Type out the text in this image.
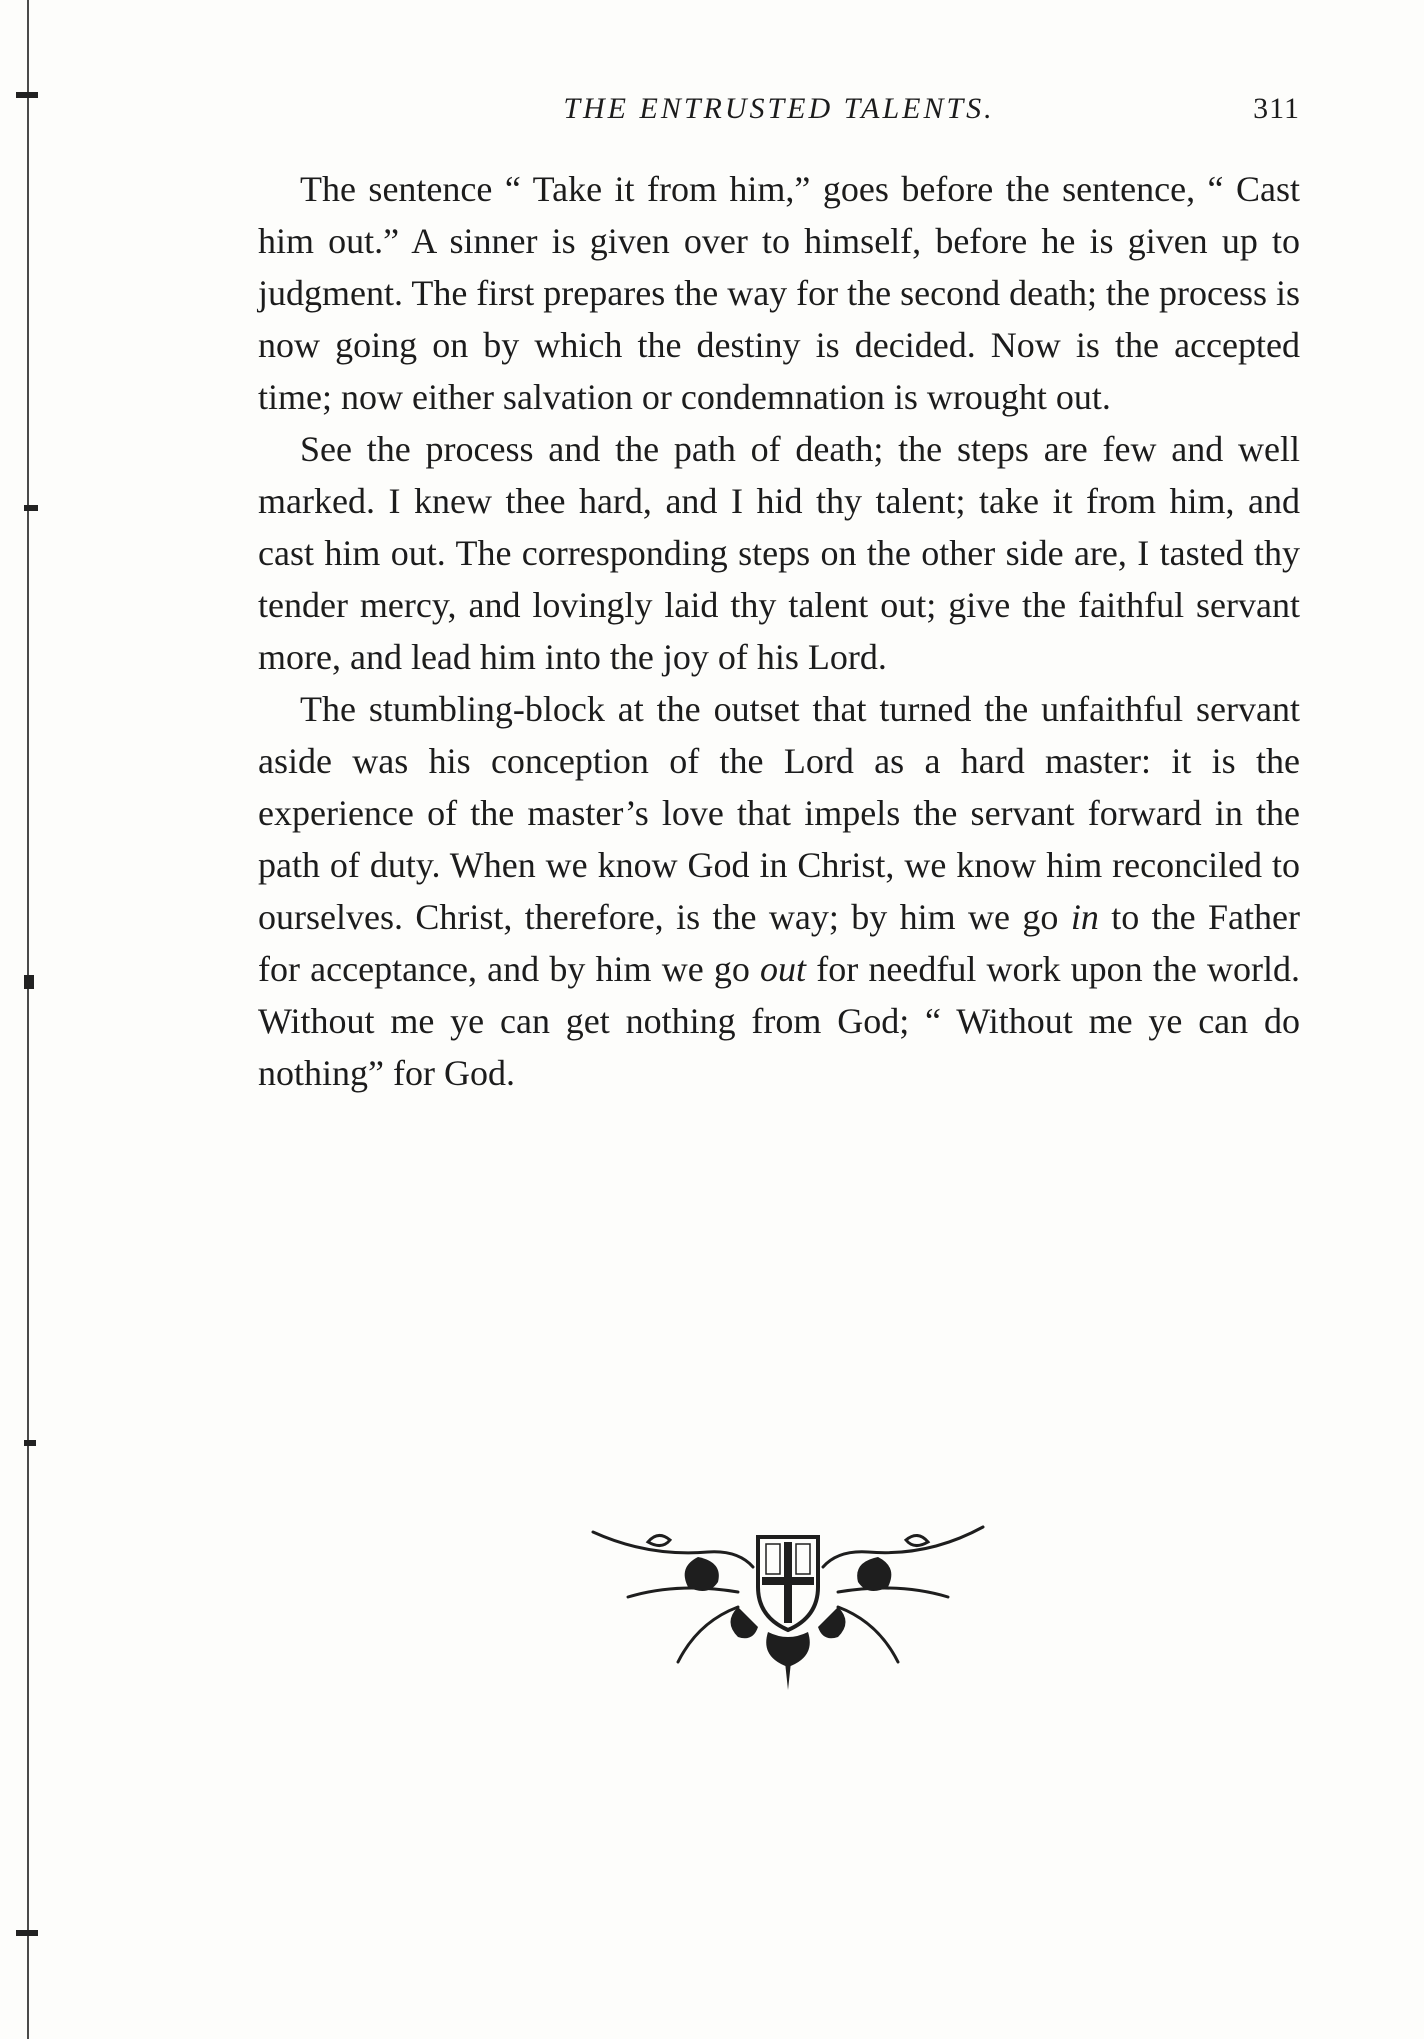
THE ENTRUSTED TALENTS.	311

The sentence “ Take it from him,” goes before the sentence, “ Cast him out.” A sinner is given over to himself, before he is given up to judgment. The first prepares the way for the second death; the process is now going on by which the destiny is decided. Now is the accepted time; now either salvation or condemnation is wrought out.

See the process and the path of death; the steps are few and well marked. I knew thee hard, and I hid thy talent; take it from him, and cast him out. The corresponding steps on the other side are, I tasted thy tender mercy, and lovingly laid thy talent out; give the faithful servant more, and lead him into the joy of his Lord.

The stumbling-block at the outset that turned the unfaithful servant aside was his conception of the Lord as a hard master: it is the experience of the master’s love that impels the servant forward in the path of duty. When we know God in Christ, we know him reconciled to ourselves. Christ, therefore, is the way; by him we go in to the Father for acceptance, and by him we go out for needful work upon the world. Without me ye can get nothing from God; “ Without me ye can do nothing” for God.
